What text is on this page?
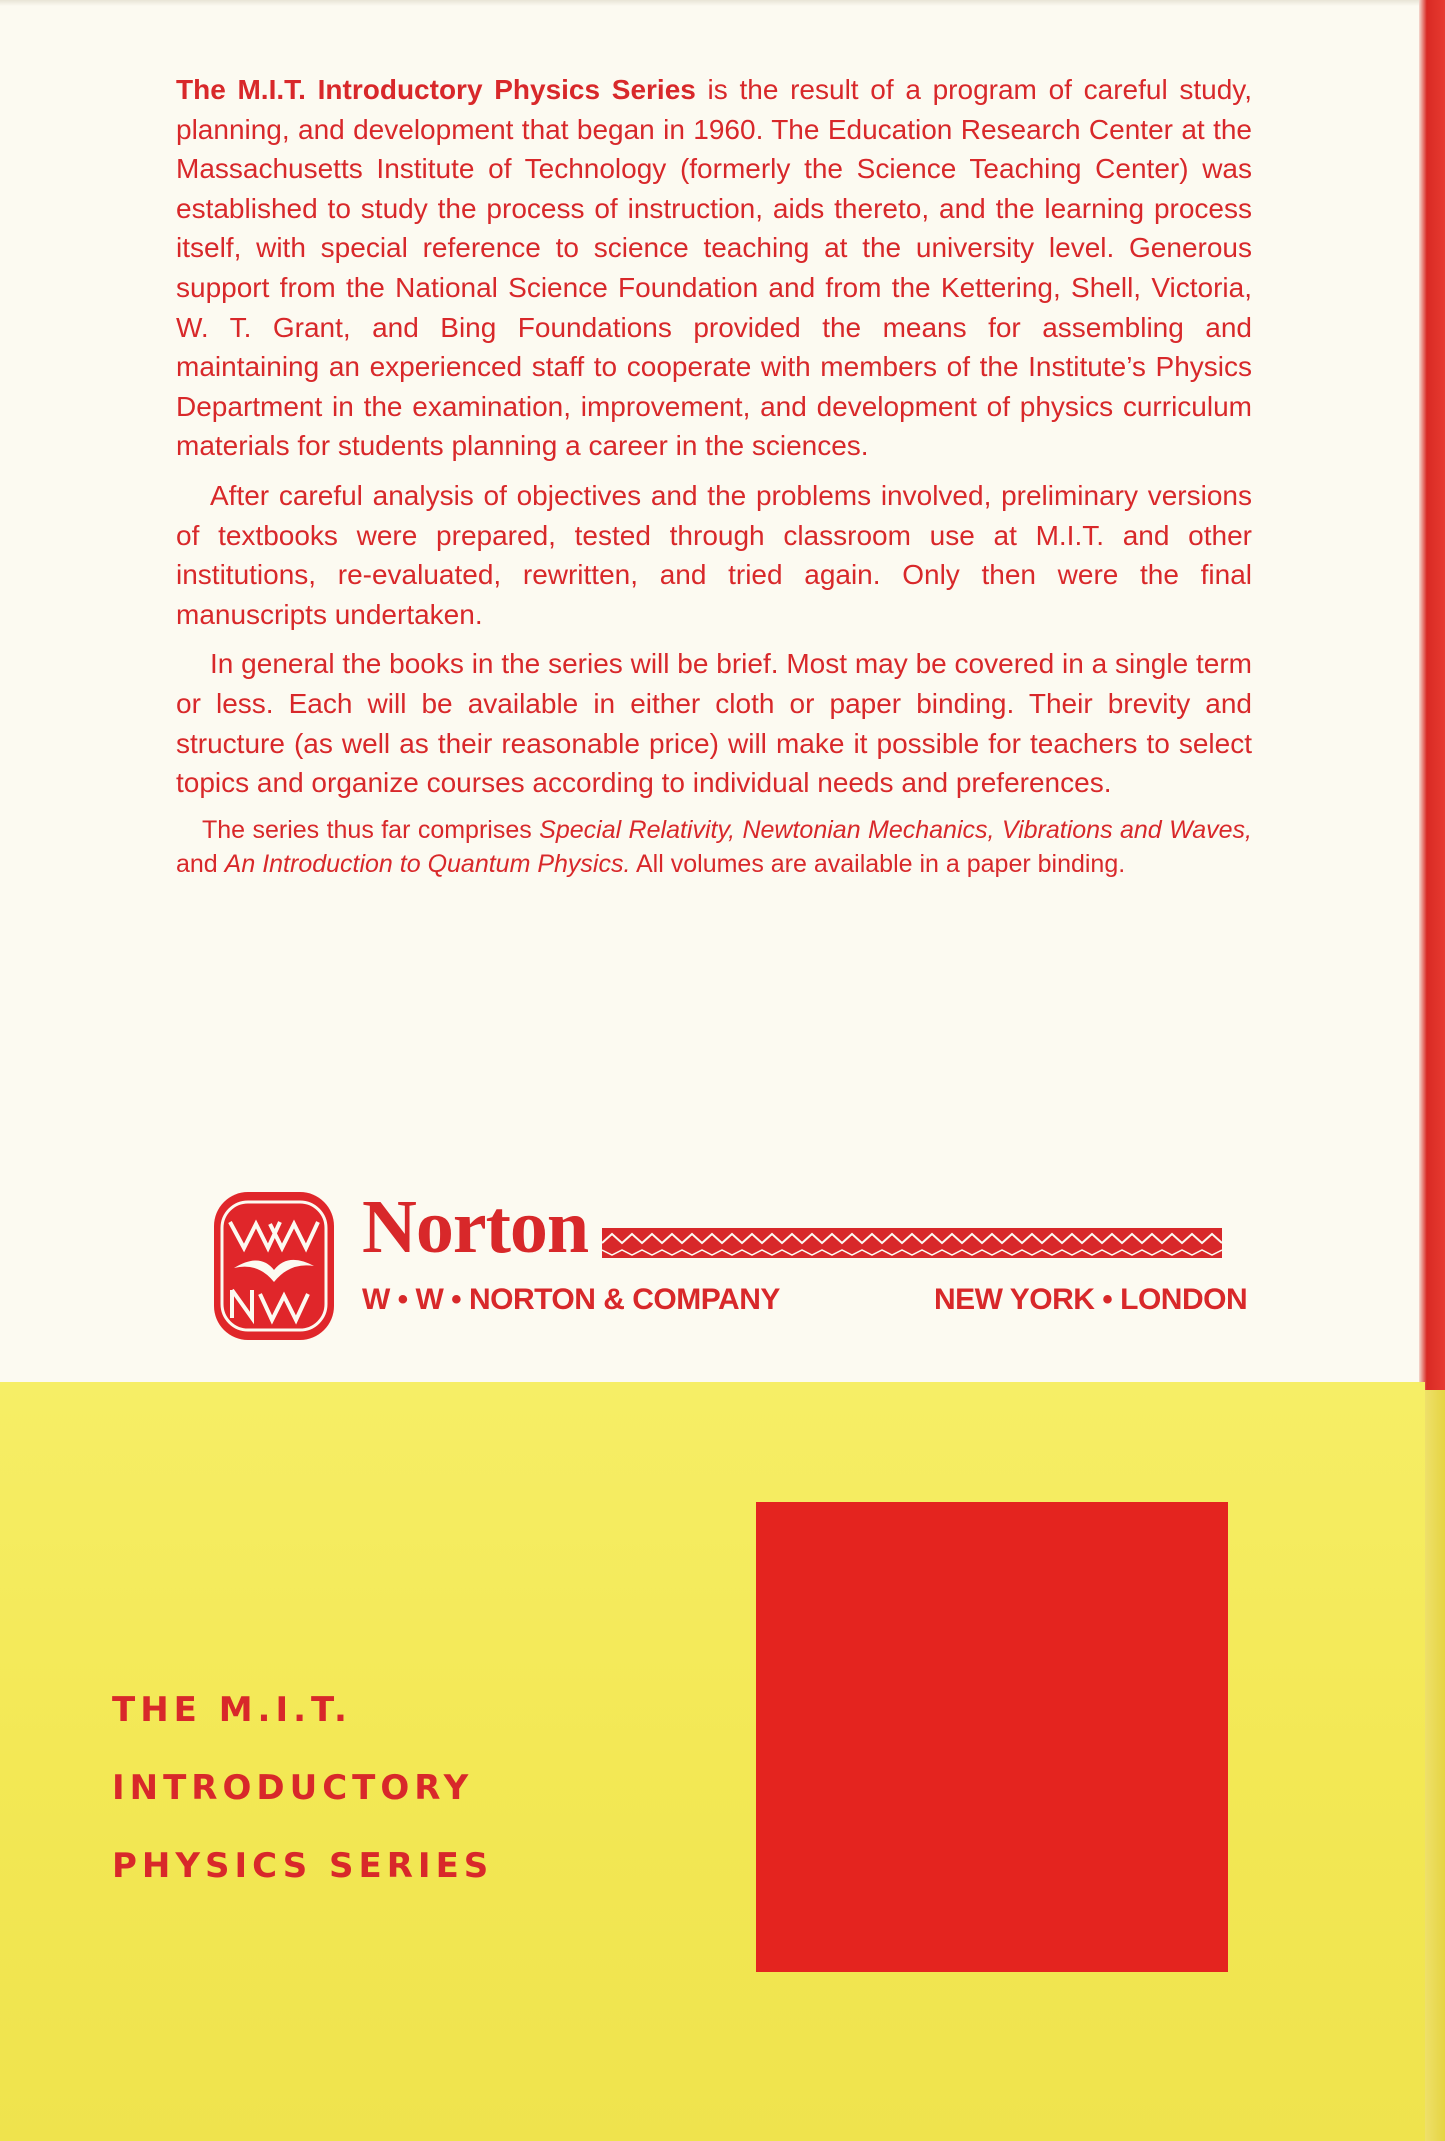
The M.I.T. Introductory Physics Series is the result of a program of careful study, planning, and development that began in 1960. The Education Research Center at the Massachusetts Institute of Technology (formerly the Science Teaching Center) was established to study the process of instruction, aids thereto, and the learning process itself, with special reference to science teaching at the university level. Generous support from the National Science Foundation and from the Kettering, Shell, Victoria, W. T. Grant, and Bing Foundations provided the means for assembling and maintaining an experienced staff to cooperate with members of the Institute’s Physics Department in the examination, improvement, and development of physics curriculum materials for students planning a career in the sciences.

After careful analysis of objectives and the problems involved, preliminary versions of textbooks were prepared, tested through classroom use at M.I.T. and other institutions, re-evaluated, rewritten, and tried again. Only then were the final manuscripts undertaken.

In general the books in the series will be brief. Most may be covered in a single term or less. Each will be available in either cloth or paper binding. Their brevity and structure (as well as their reasonable price) will make it possible for teachers to select topics and organize courses according to individual needs and preferences.

The series thus far comprises Special Relativity, Newtonian Mechanics, Vibrations and Waves, and An Introduction to Quantum Physics. All volumes are available in a paper binding.

Norton
W • W • NORTON & COMPANY	NEW YORK • LONDON
THE M.I.T.
INTRODUCTORY
PHYSICS SERIES
